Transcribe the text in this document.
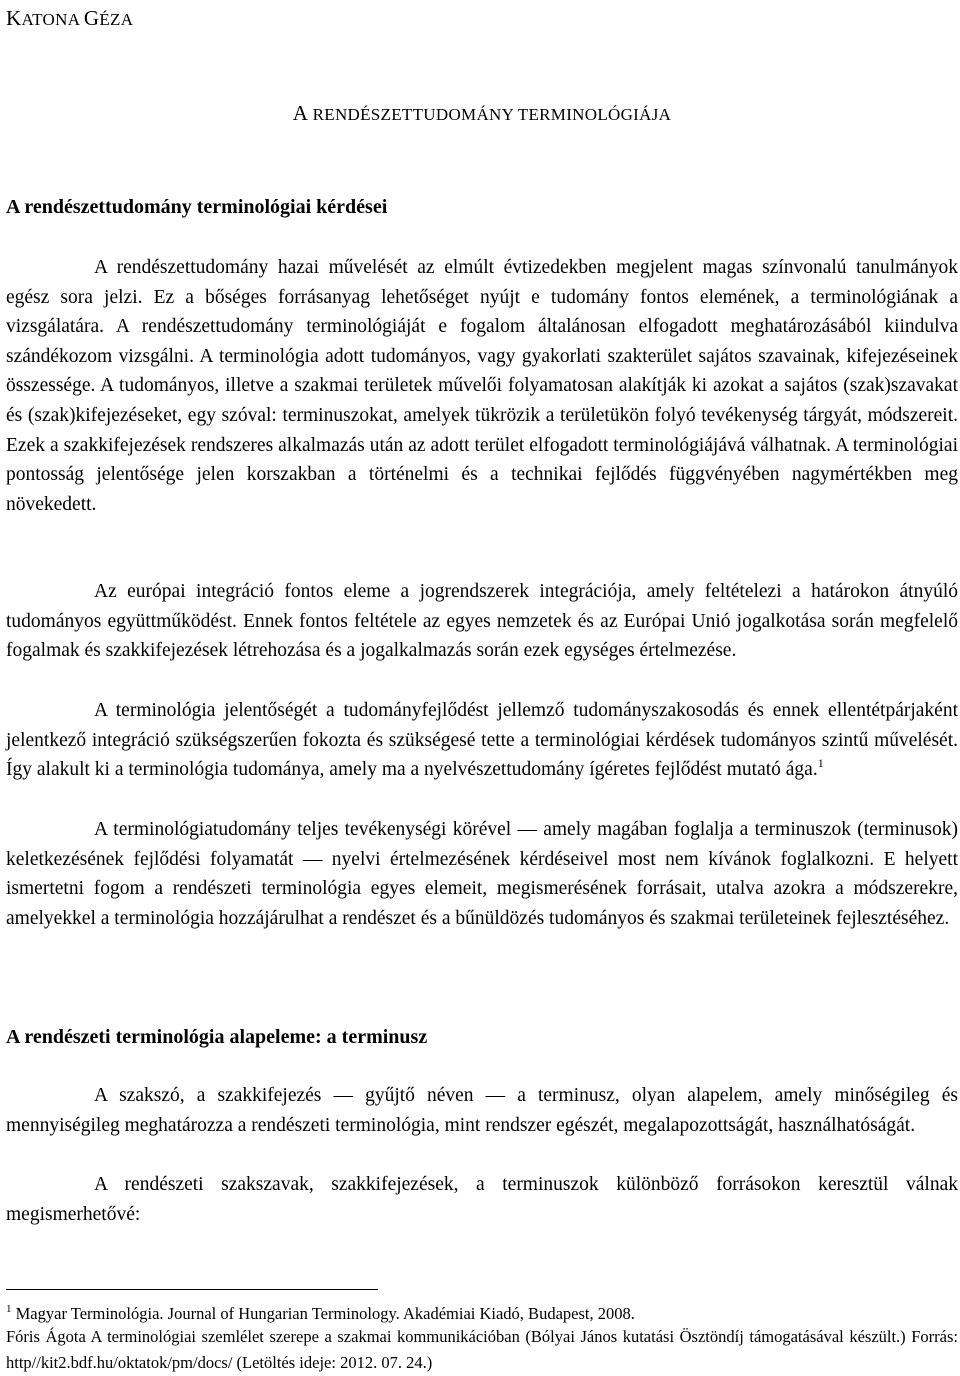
KATONA GÉZA
A RENDÉSZETTUDOMÁNY TERMINOLÓGIÁJA
A rendészettudomány terminológiai kérdései

A rendészettudomány hazai művelését az elmúlt évtizedekben megjelent magas színvonalú tanulmányok egész sora jelzi. Ez a bőséges forrásanyag lehetőséget nyújt e tudomány fontos elemének, a terminológiának a vizsgálatára. A rendészettudomány terminológiáját e fogalom általánosan elfogadott meghatározásából kiindulva szándékozom vizsgálni. A terminológia adott tudományos, vagy gyakorlati szakterület sajátos szavainak, kifejezéseinek összessége. A tudományos, illetve a szakmai területek művelői folyamatosan alakítják ki azokat a sajátos (szak)szavakat és (szak)kifejezéseket, egy szóval: terminuszokat, amelyek tükrözik a területükön folyó tevékenység tárgyát, módszereit. Ezek a szakkifejezések rendszeres alkalmazás után az adott terület elfogadott terminológiájává válhatnak. A terminológiai pontosság jelentősége jelen korszakban a történelmi és a technikai fejlődés függvényében nagymértékben meg növekedett.

Az európai integráció fontos eleme a jogrendszerek integrációja, amely feltételezi a határokon átnyúló tudományos együttműködést. Ennek fontos feltétele az egyes nemzetek és az Európai Unió jogalkotása során megfelelő fogalmak és szakkifejezések létrehozása és a jogalkalmazás során ezek egységes értelmezése.

A terminológia jelentőségét a tudományfejlődést jellemző tudományszakosodás és ennek ellentétpárjaként jelentkező integráció szükségszerűen fokozta és szükségesé tette a terminológiai kérdések tudományos szintű művelését. Így alakult ki a terminológia tudománya, amely ma a nyelvészettudomány ígéretes fejlődést mutató ága.$^1$

A terminológiatudomány teljes tevékenységi körével — amely magában foglalja a terminuszok (terminusok) keletkezésének fejlődési folyamatát — nyelvi értelmezésének kérdéseivel most nem kívánok foglalkozni. E helyett ismertetni fogom a rendészeti terminológia egyes elemeit, megismerésének forrásait, utalva azokra a módszerekre, amelyekkel a terminológia hozzájárulhat a rendészet és a bűnüldözés tudományos és szakmai területeinek fejlesztéséhez.

A rendészeti terminológia alapeleme: a terminusz

A szakszó, a szakkifejezés — gyűjtő néven — a terminusz, olyan alapelem, amely minőségileg és mennyiségileg meghatározza a rendészeti terminológia, mint rendszer egészét, megalapozottságát, használhatóságát.

A rendészeti szakszavak, szakkifejezések, a terminuszok különböző forrásokon keresztül válnak megismerhetővé:

$^1$ Magyar Terminológia. Journal of Hungarian Terminology. Akadémiai Kiadó, Budapest, 2008.

Fóris Ágota A terminológiai szemlélet szerepe a szakmai kommunikációban (Bólyai János kutatási Ösztöndíj támogatásával készült.) Forrás: http//kit2.bdf.hu/oktatok/pm/docs/ (Letöltés ideje: 2012. 07. 24.)
